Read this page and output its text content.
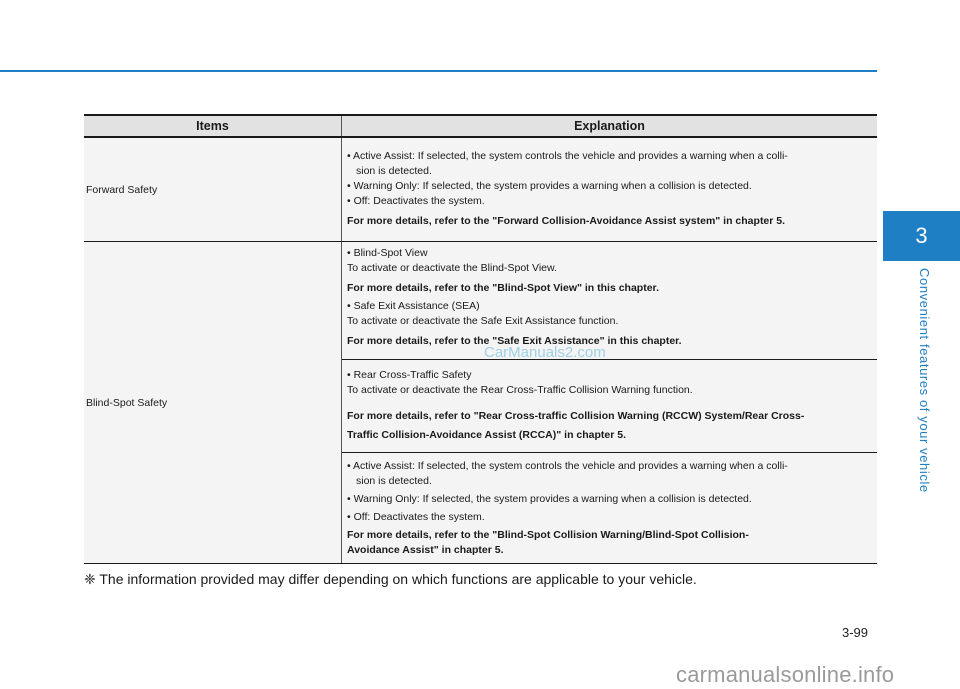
3
Convenient features of your vehicle
Items	Explanation
Forward Safety
• Active Assist: If selected, the system controls the vehicle and provides a warning when a colli-
sion is detected.
• Warning Only: If selected, the system provides a warning when a collision is detected.
• Off: Deactivates the system.
For more details, refer to the "Forward Collision-Avoidance Assist system" in chapter 5.
Blind-Spot Safety
• Blind-Spot View
To activate or deactivate the Blind-Spot View.
For more details, refer to the "Blind-Spot View" in this chapter.
• Safe Exit Assistance (SEA)
To activate or deactivate the Safe Exit Assistance function.
For more details, refer to the "Safe Exit Assistance" in this chapter.
• Rear Cross-Traffic Safety
To activate or deactivate the Rear Cross-Traffic Collision Warning function.
For more details, refer to "Rear Cross-traffic Collision Warning (RCCW) System/Rear Cross-
Traffic Collision-Avoidance Assist (RCCA)" in chapter 5.
• Active Assist: If selected, the system controls the vehicle and provides a warning when a colli-
sion is detected.
• Warning Only: If selected, the system provides a warning when a collision is detected.
• Off: Deactivates the system.
For more details, refer to the "Blind-Spot Collision Warning/Blind-Spot Collision-
Avoidance Assist" in chapter 5.
❈ The information provided may differ depending on which functions are applicable to your vehicle.
3-99
CarManuals2.com
carmanualsonline.info
